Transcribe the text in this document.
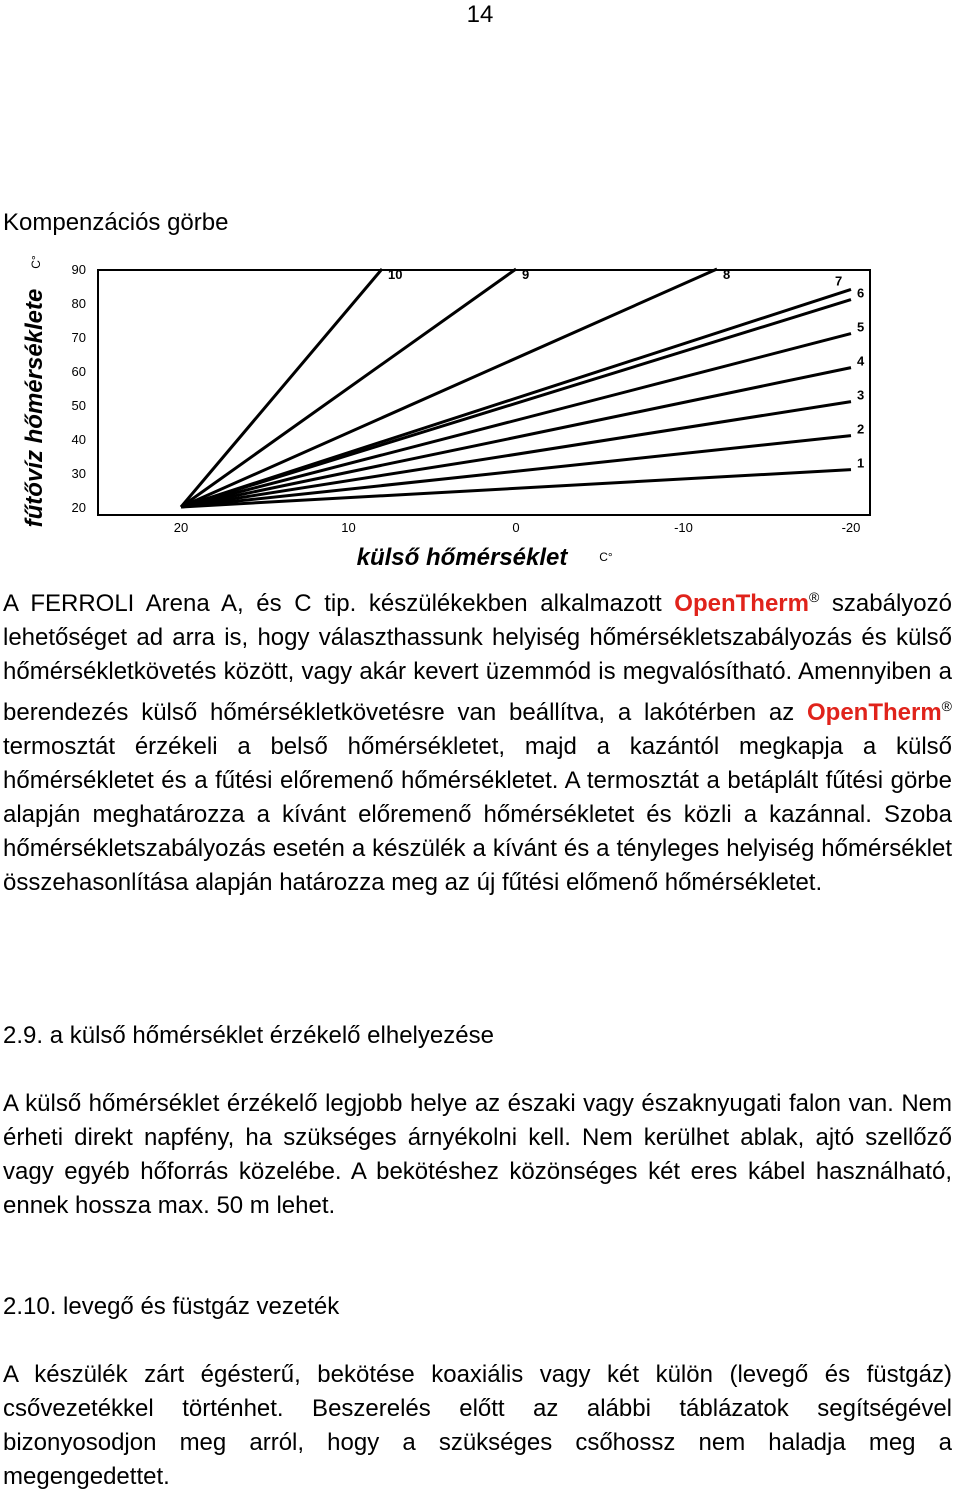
14
Kompenzációs görbe
20
30
40
50
60
70
80
90
20	10	0	-10	-20
1
2
3
4
5
6
7
8
9
10
fűtővíz hőmérséklete
C°
külső hőmérséklet	C°

A FERROLI Arena A, és C tip. készülékekben alkalmazott OpenTherm® szabályozó lehetőséget ad arra is, hogy választhassunk helyiség hőmérsékletszabályozás és külső hőmérsékletkövetés között, vagy akár kevert üzemmód is megvalósítható. Amennyiben a berendezés külső hőmérsékletkövetésre van beállítva, a lakótérben az OpenTherm® termosztát érzékeli a belső hőmérsékletet, majd a kazántól megkapja a külső hőmérsékletet és a fűtési előremenő hőmérsékletet. A termosztát a betáplált fűtési görbe alapján meghatározza a kívánt előremenő hőmérsékletet és közli a kazánnal. Szoba hőmérsékletszabályozás esetén a készülék a kívánt és a tényleges helyiség hőmérséklet összehasonlítása alapján határozza meg az új fűtési előmenő hőmérsékletet.

2.9. a külső hőmérséklet érzékelő elhelyezése

A külső hőmérséklet érzékelő legjobb helye az északi vagy északnyugati falon van. Nem érheti direkt napfény, ha szükséges árnyékolni kell. Nem kerülhet ablak, ajtó szellőző vagy egyéb hőforrás közelébe. A bekötéshez közönséges két eres kábel használható, ennek hossza max. 50 m lehet.

2.10. levegő és füstgáz vezeték

A készülék zárt égésterű, bekötése koaxiális vagy két külön (levegő és füstgáz) csővezetékkel történhet. Beszerelés előtt az alábbi táblázatok segítségével bizonyosodjon meg arról, hogy a szükséges csőhossz nem haladja meg a megengedettet.
